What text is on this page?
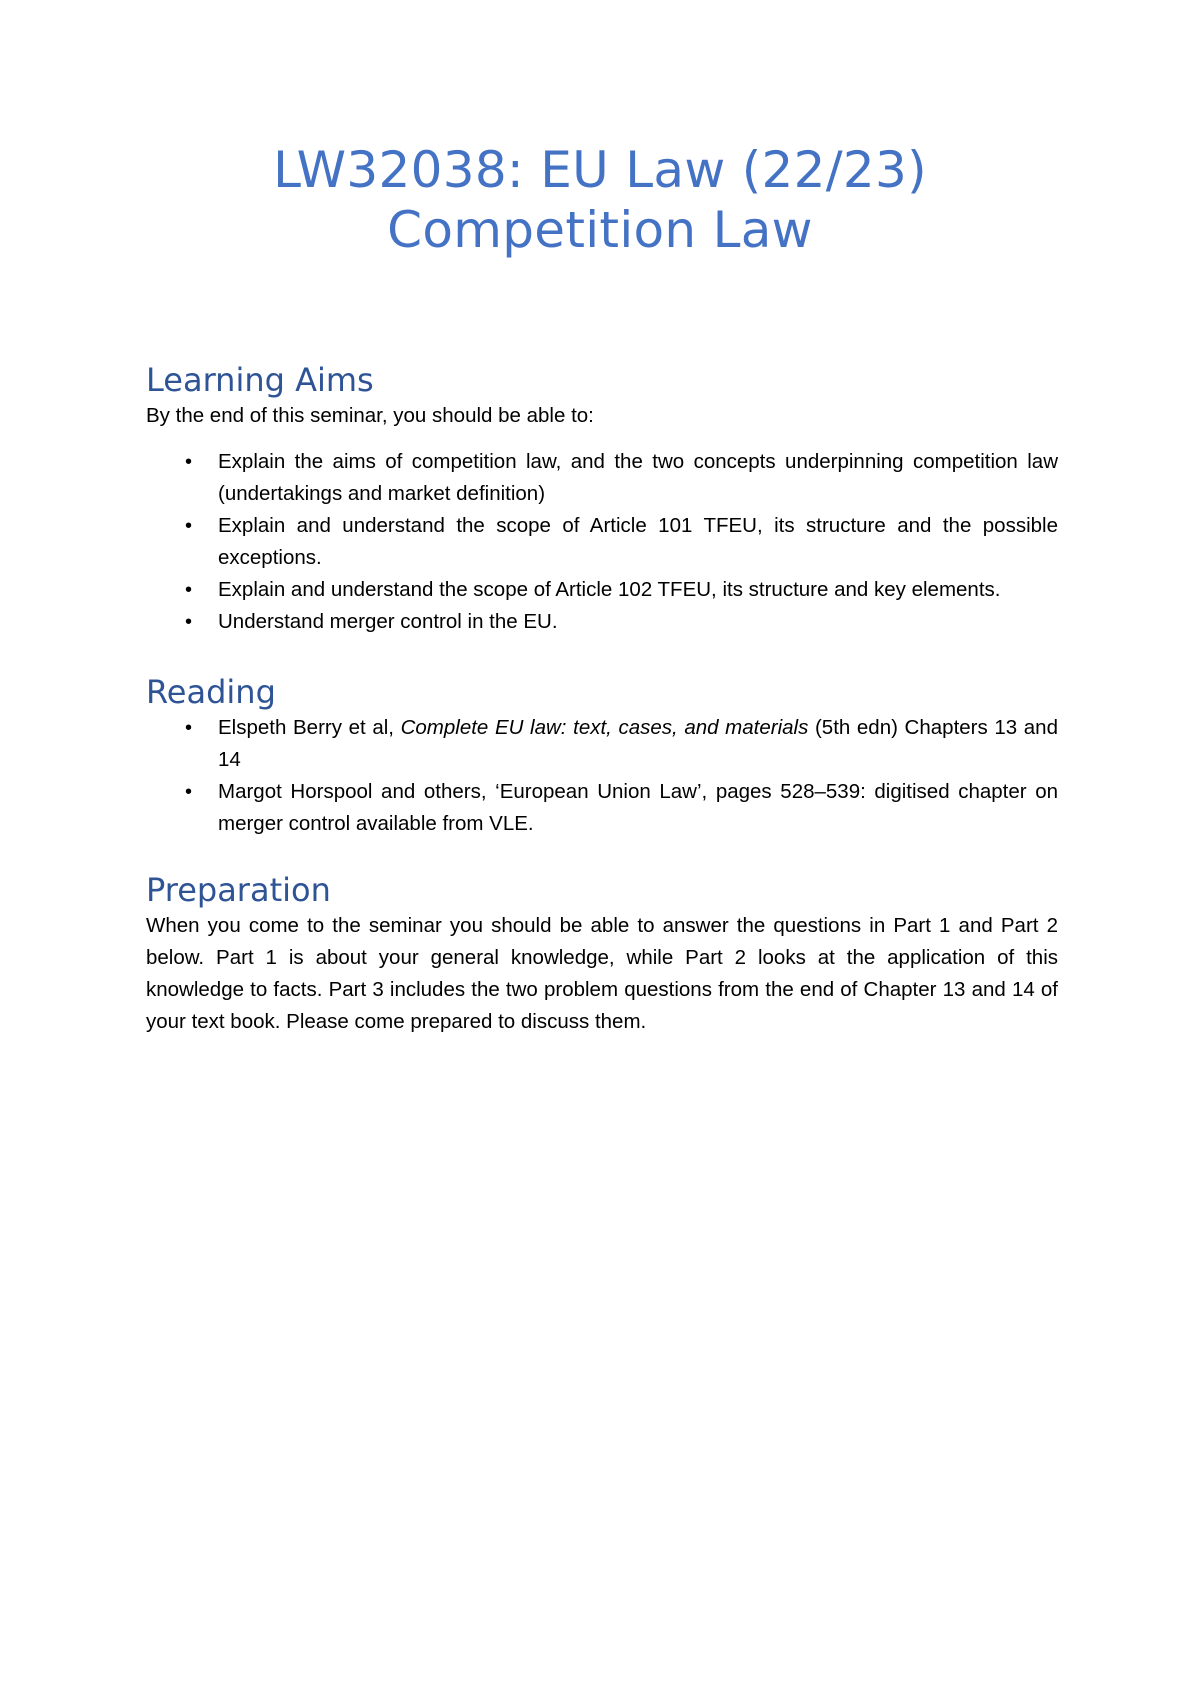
LW32038: EU Law (22/23)
Competition Law
Learning Aims

By the end of this seminar, you should be able to:

• Explain the aims of competition law, and the two concepts underpinning competition law (undertakings and market definition)
• Explain and understand the scope of Article 101 TFEU, its structure and the possible exceptions.
• Explain and understand the scope of Article 102 TFEU, its structure and key elements.
• Understand merger control in the EU.
Reading
• Elspeth Berry et al, Complete EU law: text, cases, and materials (5th edn) Chapters 13 and 14
• Margot Horspool and others, ‘European Union Law’, pages 528–539: digitised chapter on merger control available from VLE.
Preparation

When you come to the seminar you should be able to answer the questions in Part 1 and Part 2 below. Part 1 is about your general knowledge, while Part 2 looks at the application of this knowledge to facts. Part 3 includes the two problem questions from the end of Chapter 13 and 14 of your text book. Please come prepared to discuss them.
